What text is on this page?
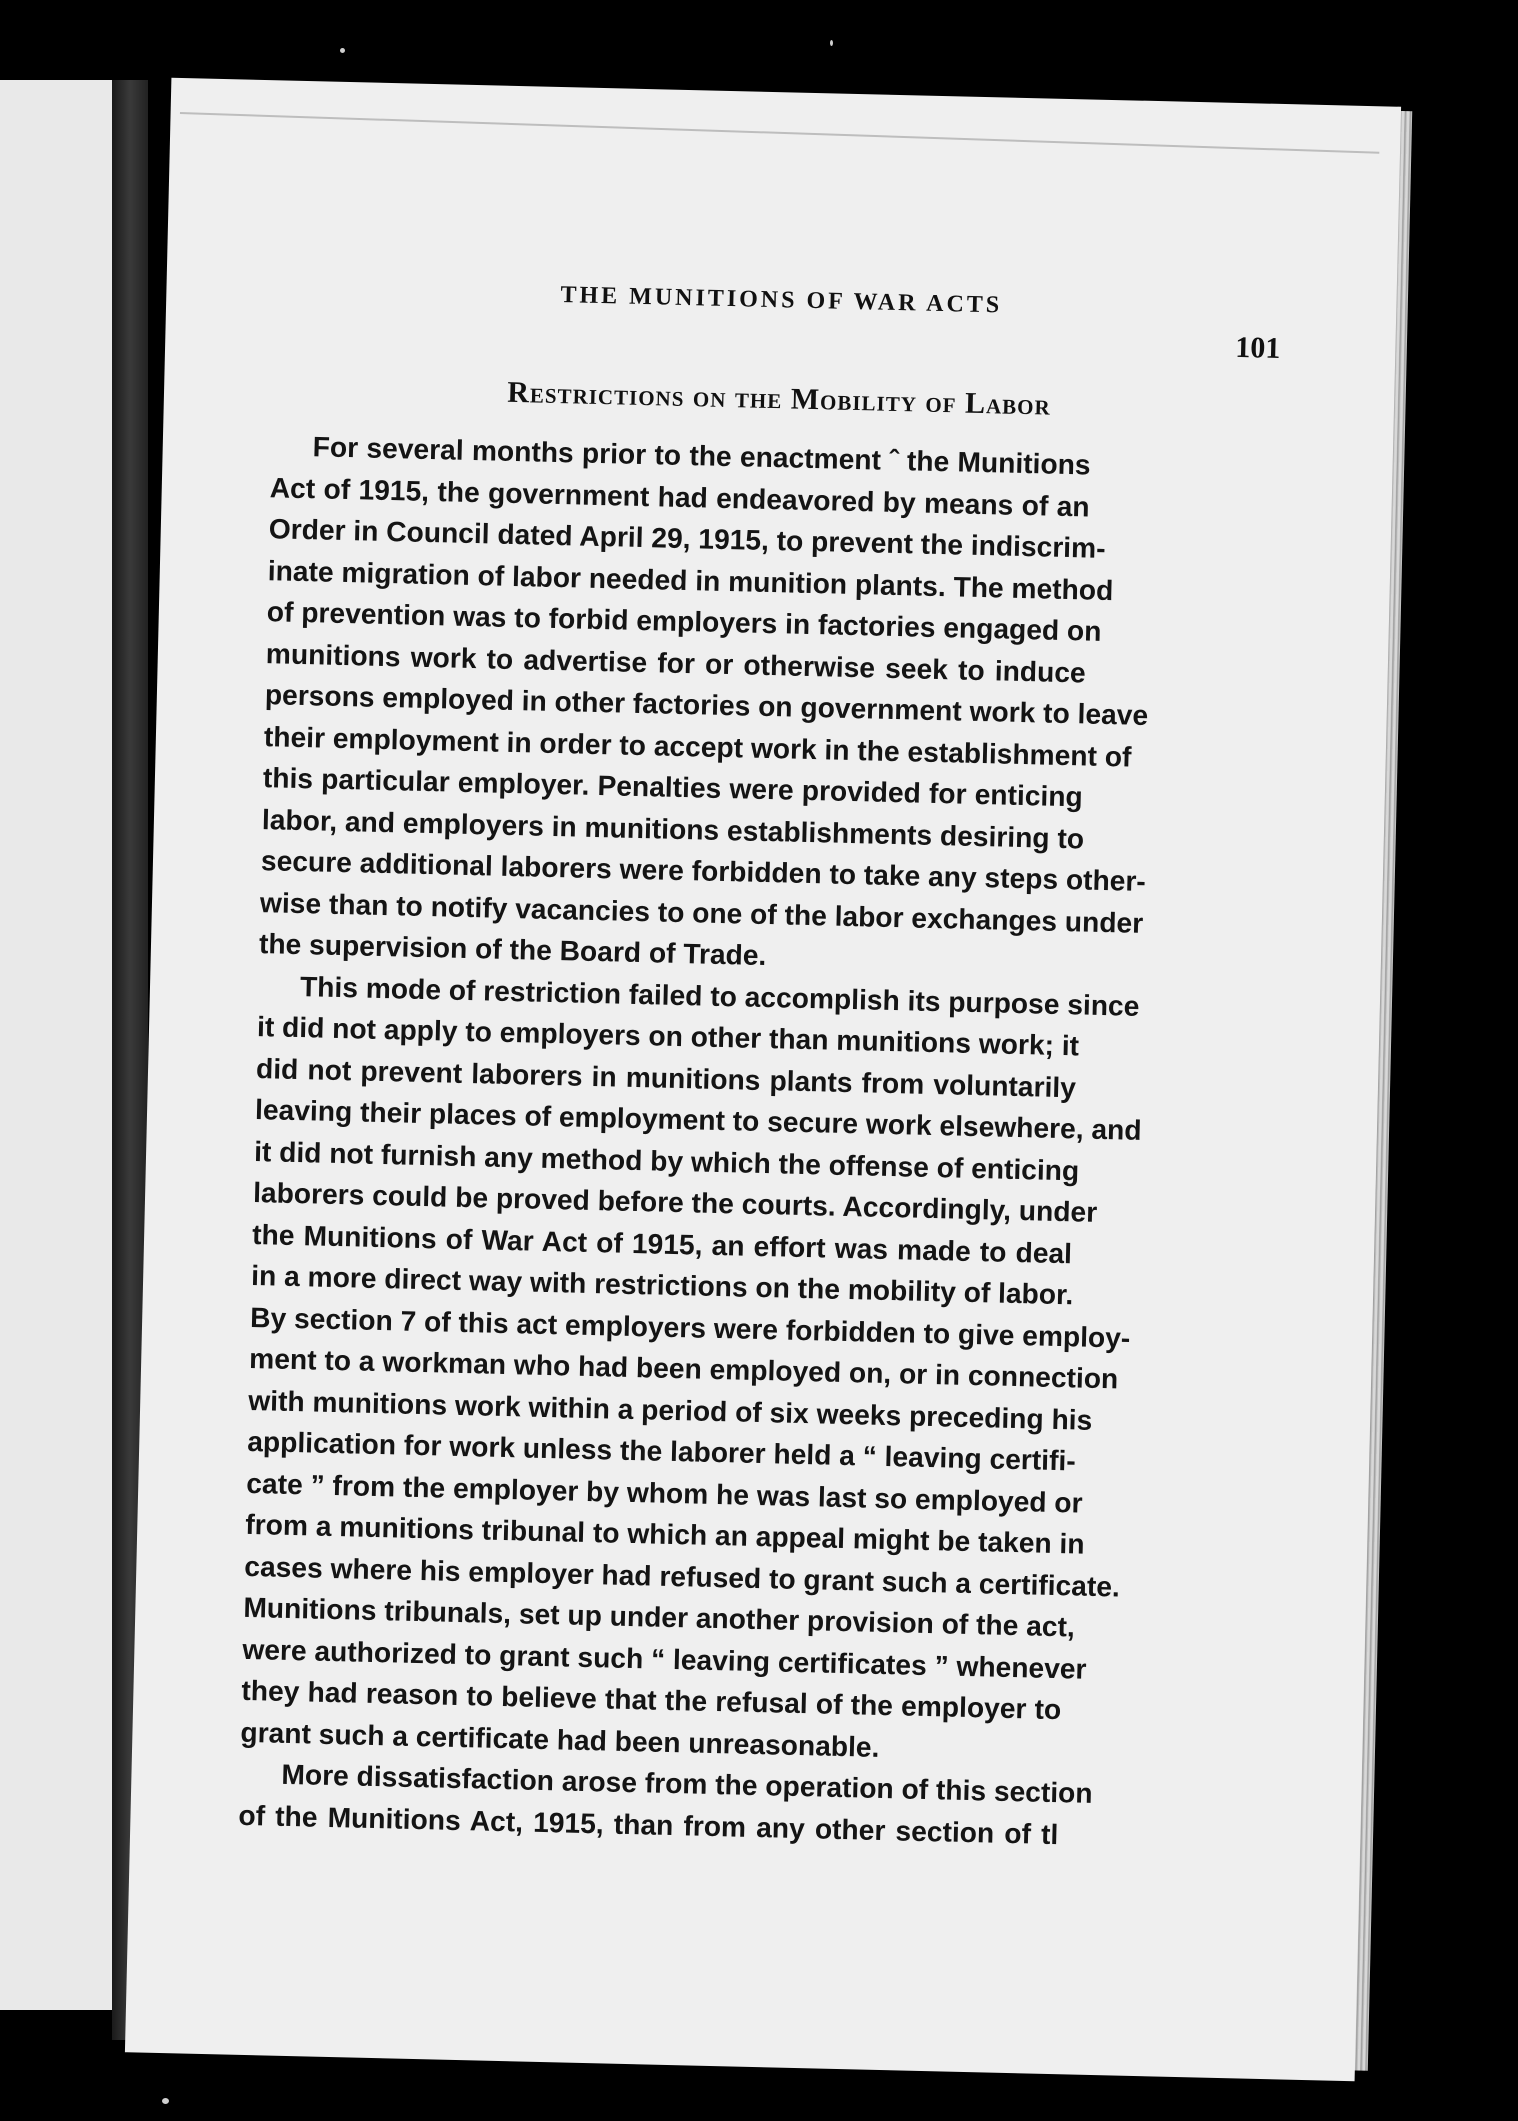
THE MUNITIONS OF WAR ACTS
101
Restrictions on the Mobility of Labor
For several months prior to the enactment ˆ the Munitions
Act of 1915, the government had endeavored by means of an
Order in Council dated April 29, 1915, to prevent the indiscrim-
inate migration of labor needed in munition plants. The method
of prevention was to forbid employers in factories engaged on
munitions work to advertise for or otherwise seek to induce
persons employed in other factories on government work to leave
their employment in order to accept work in the establishment of
this particular employer. Penalties were provided for enticing
labor, and employers in munitions establishments desiring to
secure additional laborers were forbidden to take any steps other-
wise than to notify vacancies to one of the labor exchanges under
the supervision of the Board of Trade.
This mode of restriction failed to accomplish its purpose since
it did not apply to employers on other than munitions work; it
did not prevent laborers in munitions plants from voluntarily
leaving their places of employment to secure work elsewhere, and
it did not furnish any method by which the offense of enticing
laborers could be proved before the courts. Accordingly, under
the Munitions of War Act of 1915, an effort was made to deal
in a more direct way with restrictions on the mobility of labor.
By section 7 of this act employers were forbidden to give employ-
ment to a workman who had been employed on, or in connection
with munitions work within a period of six weeks preceding his
application for work unless the laborer held a “ leaving certifi-
cate ” from the employer by whom he was last so employed or
from a munitions tribunal to which an appeal might be taken in
cases where his employer had refused to grant such a certificate.
Munitions tribunals, set up under another provision of the act,
were authorized to grant such “ leaving certificates ” whenever
they had reason to believe that the refusal of the employer to
grant such a certificate had been unreasonable.
More dissatisfaction arose from the operation of this section
of the Munitions Act, 1915, than from any other section of tl
